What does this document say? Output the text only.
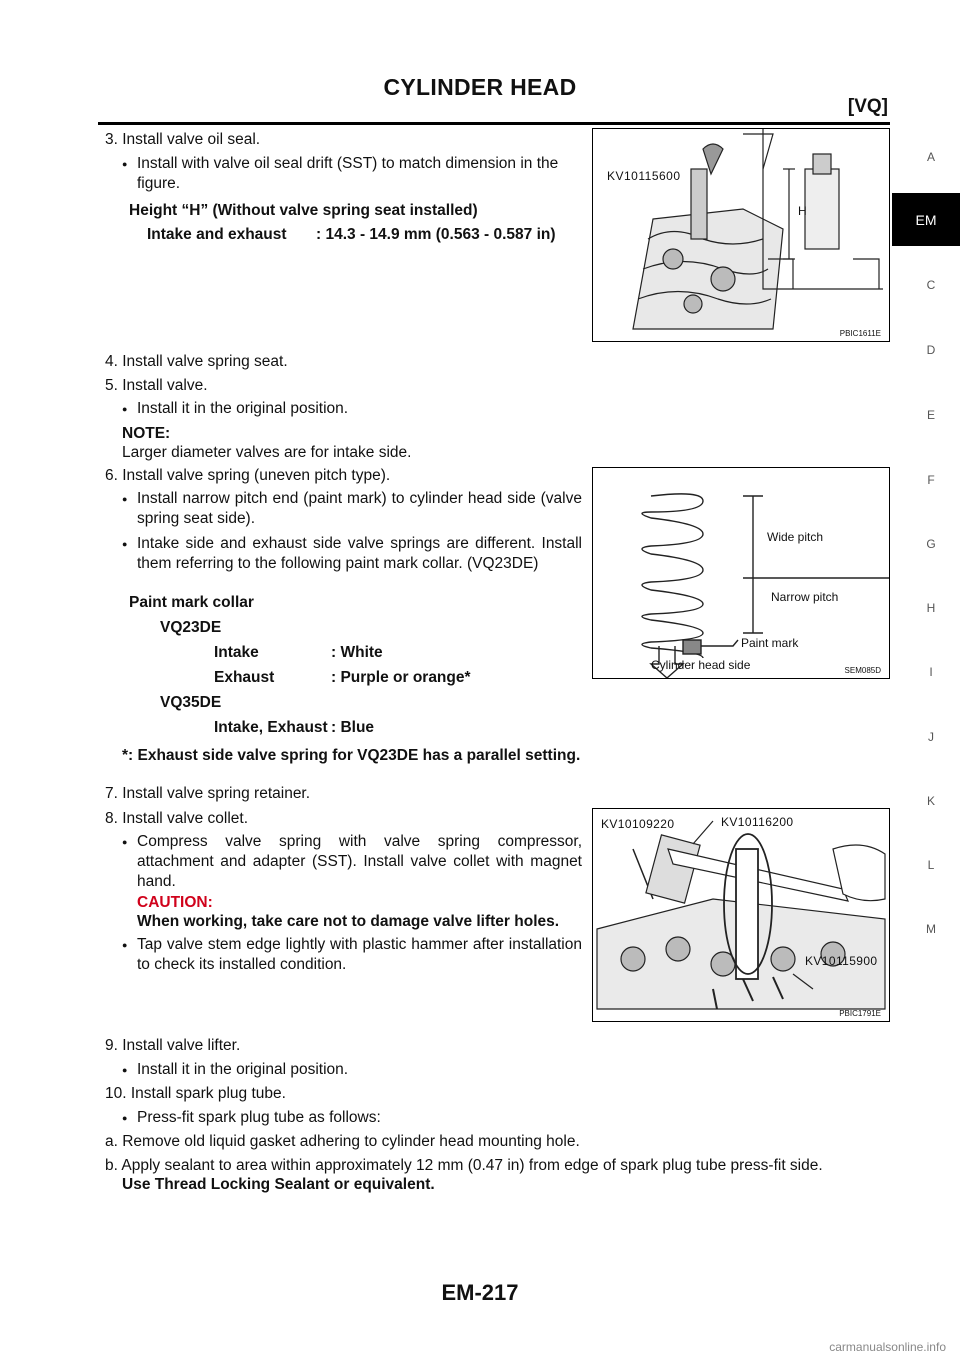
CYLINDER HEAD
[VQ]
A
EM
C
D
E
F
G
H
I
J
K
L
M
3. Install valve oil seal.
● Install with valve oil seal drift (SST) to match dimension in the
figure.
Height “H” (Without valve spring seat installed)
Intake and exhaust : 14.3 - 14.9 mm (0.563 - 0.587 in)
KV10115600
H
PBIC1611E
4. Install valve spring seat.
5. Install valve.
● Install it in the original position.
NOTE:
Larger diameter valves are for intake side.
6. Install valve spring (uneven pitch type).
● Install narrow pitch end (paint mark) to cylinder head side (valve spring seat side).
● Intake side and exhaust side valve springs are different. Install them referring to the following paint mark collar. (VQ23DE)
Paint mark collar
VQ23DE
Intake	: White
Exhaust	: Purple or orange*
VQ35DE
Intake, Exhaust : Blue
*: Exhaust side valve spring for VQ23DE has a parallel setting.
Wide pitch
Narrow pitch
Paint mark
Cylinder head side	SEM085D
7. Install valve spring retainer.
8. Install valve collet.
● Compress valve spring with valve spring compressor, attachment and adapter (SST). Install valve collet with magnet hand.
CAUTION:
When working, take care not to damage valve lifter holes.
● Tap valve stem edge lightly with plastic hammer after installation to check its installed condition.
KV10109220	KV10116200
KV10115900
PBIC1791E
9. Install valve lifter.
● Install it in the original position.
10. Install spark plug tube.
● Press-fit spark plug tube as follows:
a. Remove old liquid gasket adhering to cylinder head mounting hole.
b. Apply sealant to area within approximately 12 mm (0.47 in) from edge of spark plug tube press-fit side.
Use Thread Locking Sealant or equivalent.
EM-217
carmanualsonline.info
